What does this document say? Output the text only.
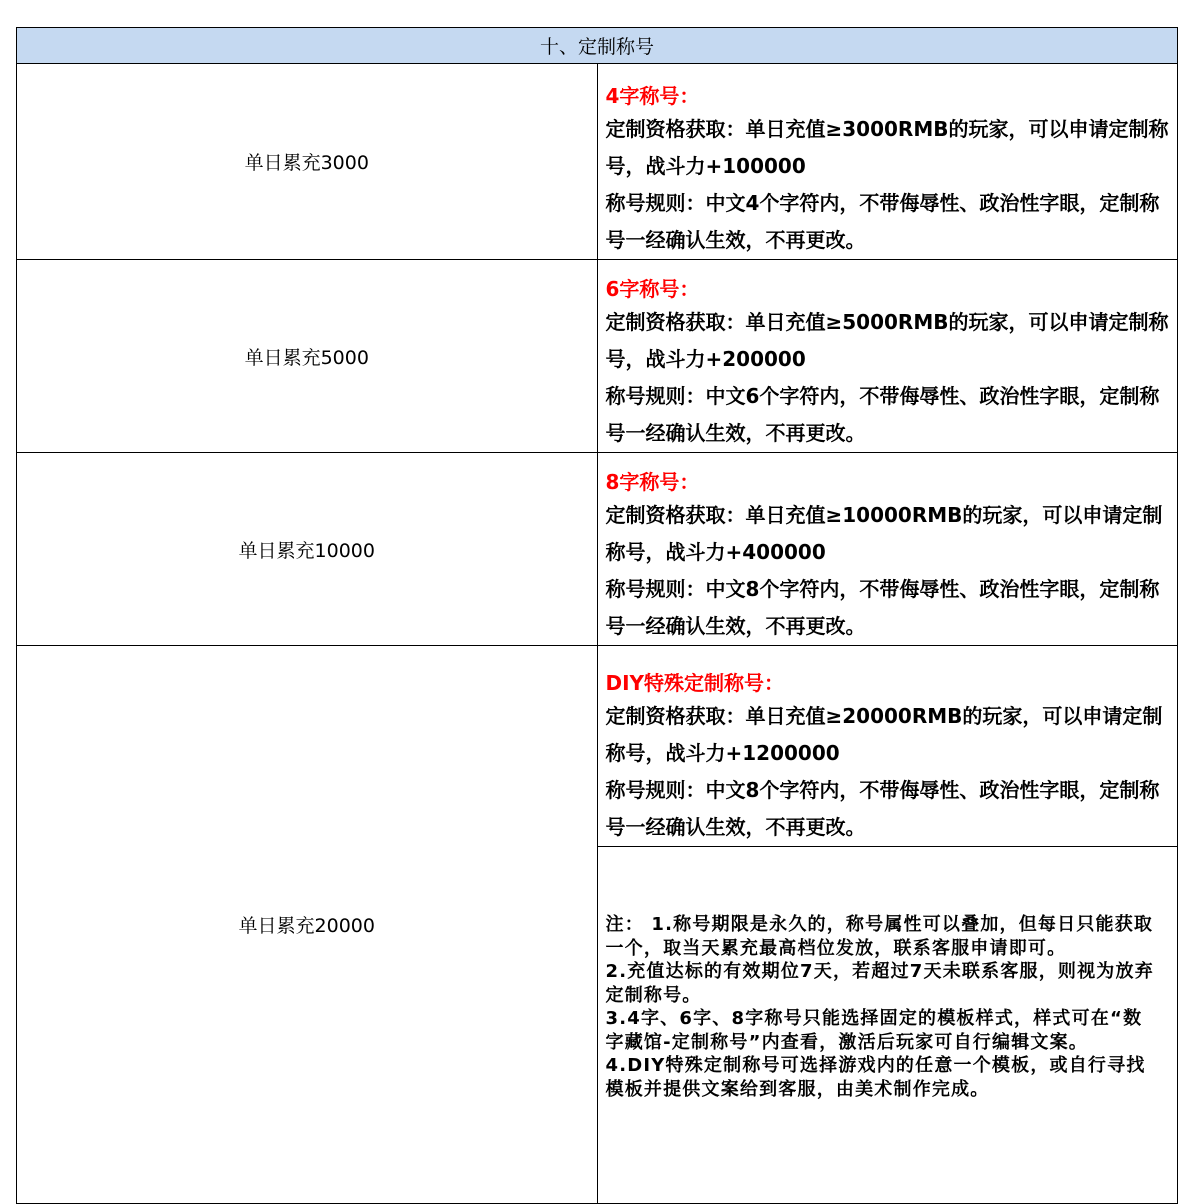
十、定制称号	
单日累充3000	4字称号：
定制资格获取：单日充值≥3000RMB的玩家，可以申请定制称号，战斗力+100000
称号规则：中文4个字符内，不带侮辱性、政治性字眼，定制称号一经确认生效，不再更改。

单日累充5000	6字称号：
定制资格获取：单日充值≥5000RMB的玩家，可以申请定制称号，战斗力+200000
称号规则：中文6个字符内，不带侮辱性、政治性字眼，定制称号一经确认生效，不再更改。

单日累充10000	8字称号：
定制资格获取：单日充值≥10000RMB的玩家，可以申请定制称号，战斗力+400000
称号规则：中文8个字符内，不带侮辱性、政治性字眼，定制称号一经确认生效，不再更改。

单日累充20000	DIY特殊定制称号：
定制资格获取：单日充值≥20000RMB的玩家，可以申请定制称号，战斗力+1200000
称号规则：中文8个字符内，不带侮辱性、政治性字眼，定制称号一经确认生效，不再更改。

	注： 1.称号期限是永久的，称号属性可以叠加，但每日只能获取一个，取当天累充最高档位发放，联系客服申请即可。
2.充值达标的有效期位7天，若超过7天未联系客服，则视为放弃定制称号。
3.4字、6字、8字称号只能选择固定的模板样式，样式可在“数字藏馆-定制称号”内查看，激活后玩家可自行编辑文案。
4.DIY特殊定制称号可选择游戏内的任意一个模板，或自行寻找模板并提供文案给到客服，由美术制作完成。
